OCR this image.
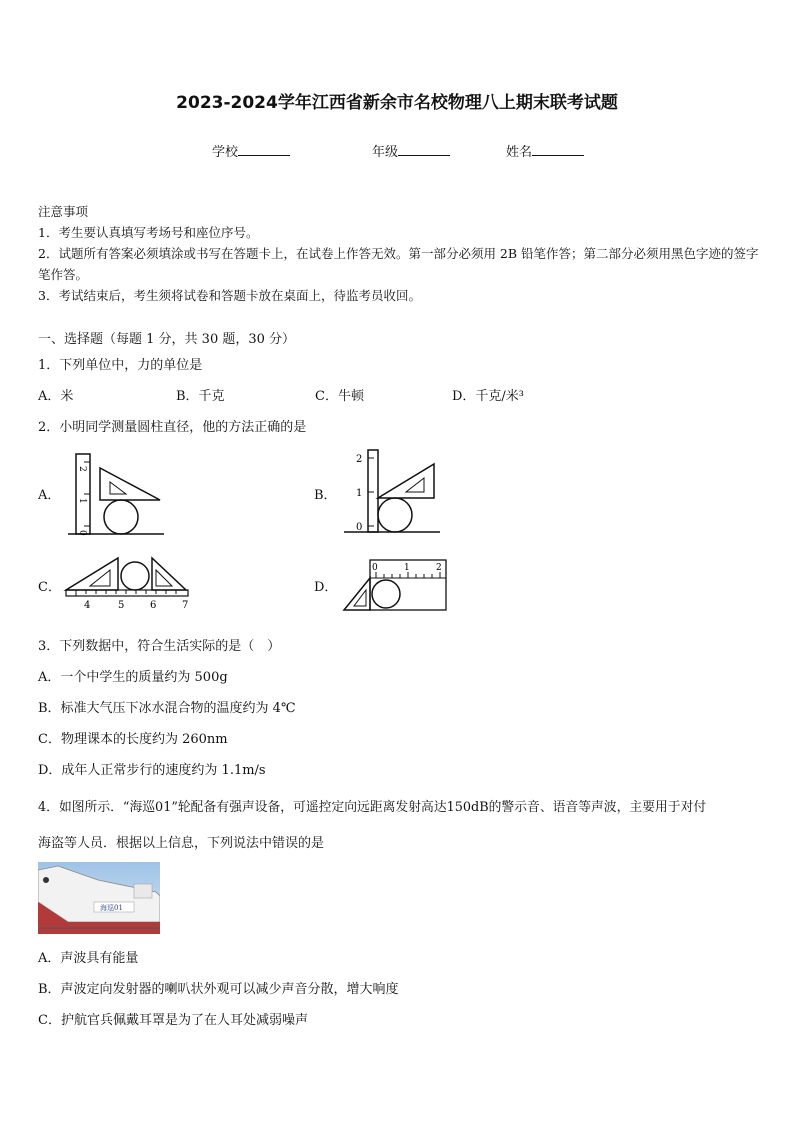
2023-2024学年江西省新余市名校物理八上期末联考试题
学校	年级	姓名
注意事项
1．考生要认真填写考场号和座位序号。
2．试题所有答案必须填涂或书写在答题卡上，在试卷上作答无效。第一部分必须用 2B 铅笔作答；第二部分必须用黑色字迹的签字笔作答。
3．考试结束后，考生须将试卷和答题卡放在桌面上，待监考员收回。
一、选择题（每题 1 分，共 30 题，30 分）
1．下列单位中，力的单位是
A．米	B．千克	C．牛顿	D．千克/米³
2．小明同学测量圆柱直径，他的方法正确的是
A．
2
1
0
B．
2
1
0
C．
4	5	6	7
D．
0	1	2
3．下列数据中，符合生活实际的是（　）
A．一个中学生的质量约为 500g
B．标准大气压下冰水混合物的温度约为 4℃
C．物理课本的长度约为 260nm
D．成年人正常步行的速度约为 1.1m/s
4．如图所示．“海巡01”轮配备有强声设备，可遥控定向远距离发射高达150dB的警示音、语音等声波，主要用于对付
海盗等人员．根据以上信息，下列说法中错误的是
海巡01
A．声波具有能量
B．声波定向发射器的喇叭状外观可以减少声音分散，增大响度
C．护航官兵佩戴耳罩是为了在人耳处减弱噪声
